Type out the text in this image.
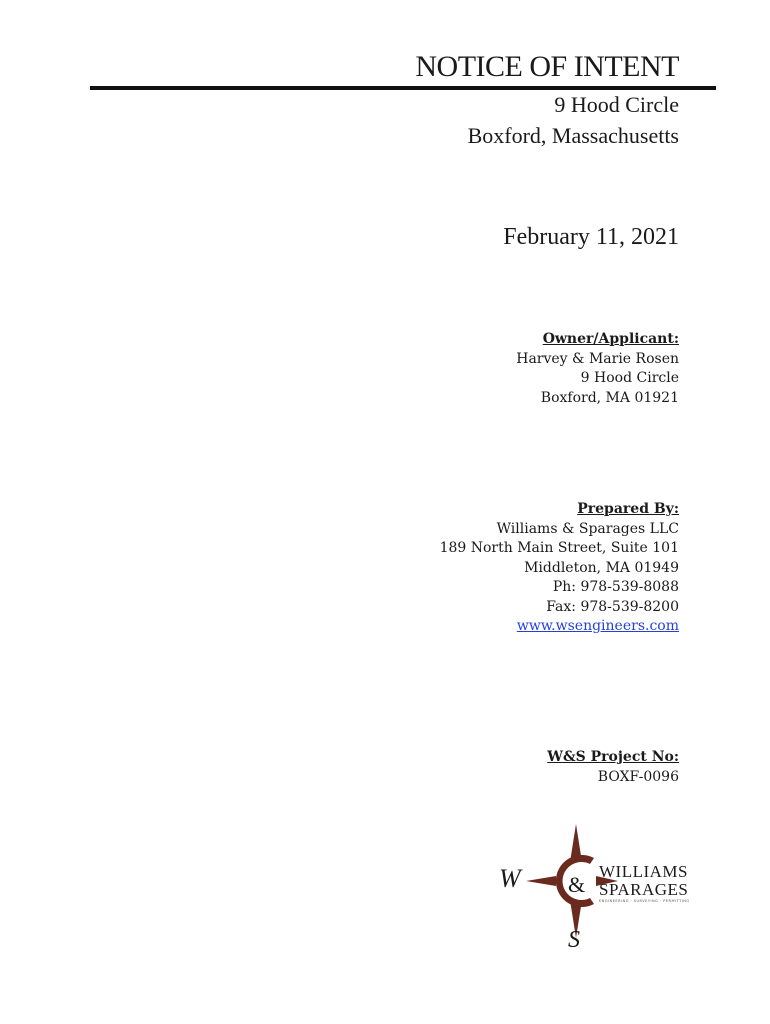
NOTICE OF INTENT
9 Hood Circle
Boxford, Massachusetts
February 11, 2021
Owner/Applicant:
Harvey & Marie Rosen
9 Hood Circle
Boxford, MA 01921
Prepared By:
Williams & Sparages LLC
189 North Main Street, Suite 101
Middleton, MA 01949
Ph: 978-539-8088
Fax: 978-539-8200
www.wsengineers.com
W&S Project No:
BOXF-0096
W &
S
WILLIAMS
SPARAGES
ENGINEERING · SURVEYING · PERMITTING
